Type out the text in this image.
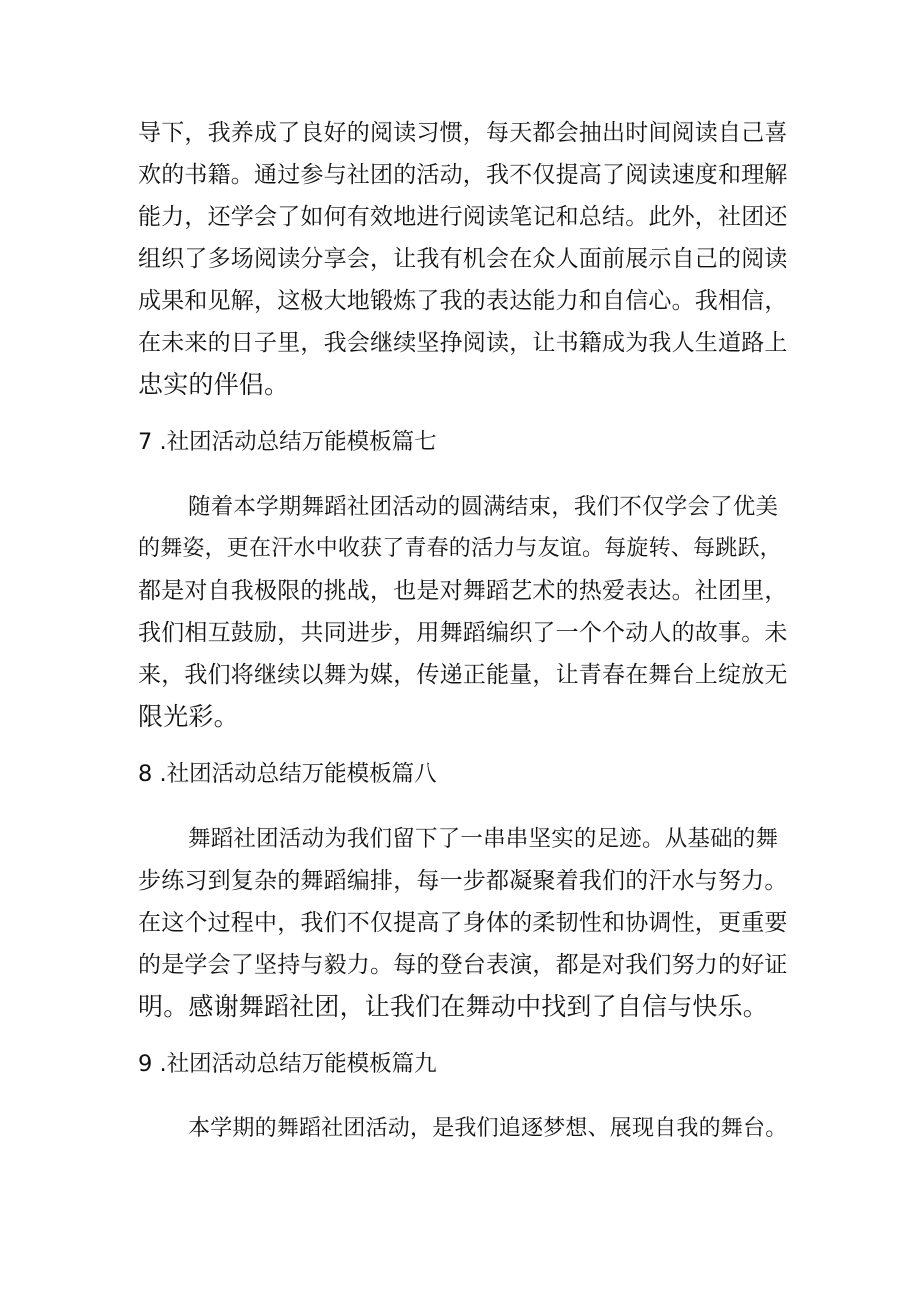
导下，我养成了良好的阅读习惯，每天都会抽出时间阅读自己喜
欢的书籍。通过参与社团的活动，我不仅提高了阅读速度和理解
能力，还学会了如何有效地进行阅读笔记和总结。此外，社团还
组织了多场阅读分享会，让我有机会在众人面前展示自己的阅读
成果和见解，这极大地锻炼了我的表达能力和自信心。我相信，
在未来的日子里，我会继续坚挣阅读，让书籍成为我人生道路上
忠实的伴侣。
7 .社团活动总结万能模板篇七
随着本学期舞蹈社团活动的圆满结束，我们不仅学会了优美
的舞姿，更在汗水中收获了青春的活力与友谊。每旋转、每跳跃，
都是对自我极限的挑战，也是对舞蹈艺术的热爱表达。社团里，
我们相互鼓励，共同进步，用舞蹈编织了一个个动人的故事。未
来，我们将继续以舞为媒，传递正能量，让青春在舞台上绽放无
限光彩。
8 .社团活动总结万能模板篇八
舞蹈社团活动为我们留下了一串串坚实的足迹。从基础的舞
步练习到复杂的舞蹈编排，每一步都凝聚着我们的汗水与努力。
在这个过程中，我们不仅提高了身体的柔韧性和协调性，更重要
的是学会了坚持与毅力。每的登台表演，都是对我们努力的好证
明。感谢舞蹈社团，让我们在舞动中找到了自信与快乐。
9 .社团活动总结万能模板篇九
本学期的舞蹈社团活动，是我们追逐梦想、展现自我的舞台。
